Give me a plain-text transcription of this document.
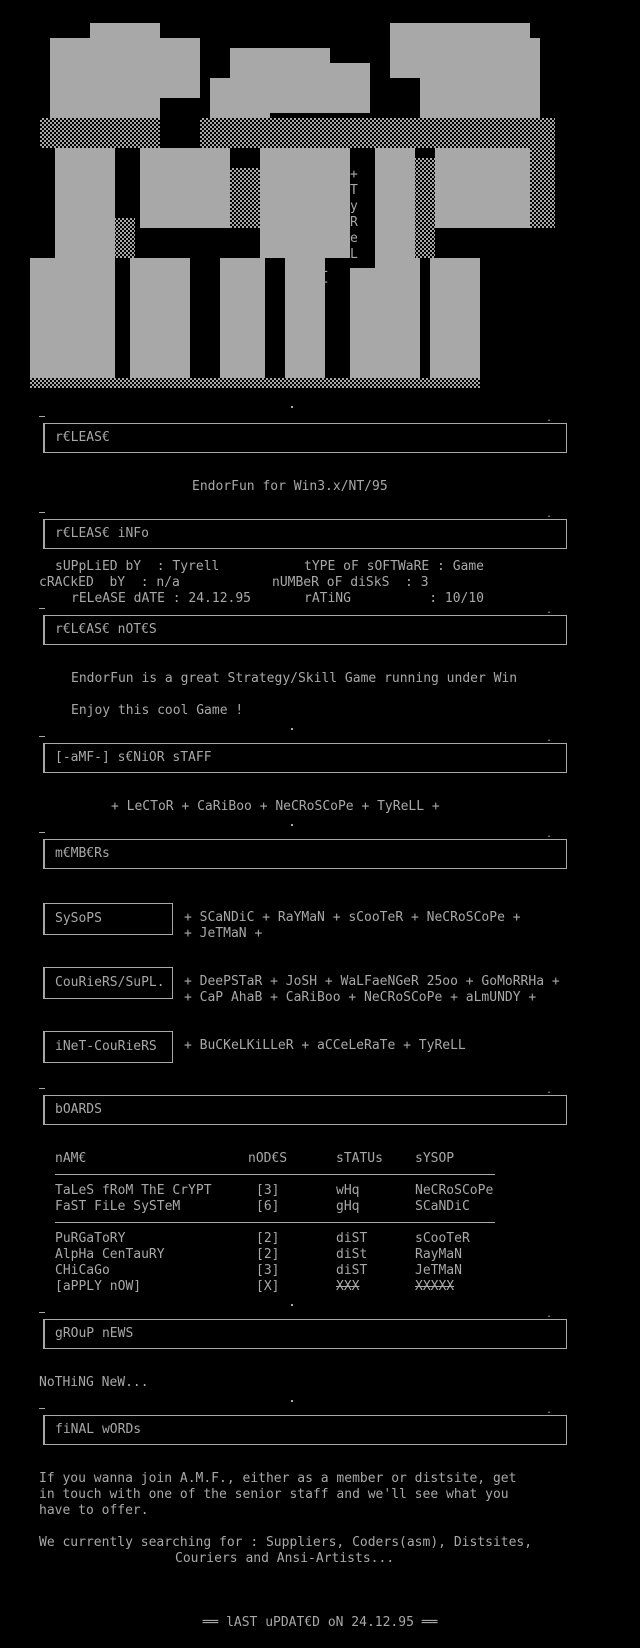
+
T
y
R
e
L
L
+
.
r€LEAS€
EndorFun for Win3.x/NT/95
.
r€LEAS€ iNFo
sUPpLiED bY  : Tyrell	tYPE oF sOFTWaRE : Game
cRACkED  bY  : n/a	nUMBeR oF diSkS  : 3
rELeASE dATE : 24.12.95	rATiNG          : 10/10
.
r€L€AS€ nOT€S
EndorFun is a great Strategy/Skill Game running under Win
Enjoy this cool Game !
.
[-aMF-] s€NiOR sTAFF
+ LeCToR + CaRiBoo + NeCRoSCoPe + TyReLL +
.
m€MB€Rs
SySoPS	+ SCaNDiC + RaYMaN + sCooTeR + NeCRoSCoPe +
+ JeTMaN +
CouRieRS/SuPL. + DeePSTaR + JoSH + WaLFaeNGeR 25oo + GoMoRRHa +
+ CaP AhaB + CaRiBoo + NeCRoSCoPe + aLmUNDY +
iNeT-CouRieRS + BuCKeLKiLLeR + aCCeLeRaTe + TyReLL
.
bOARDS
nAM€	nOD€S	sTATUs sYSOP
TaLeS fRoM ThE CrYPT	[3]	wHq	NeCRoSCoPe
FaST FiLe SySTeM	[6]	gHq	SCaNDiC
PuRGaToRY	[2]	diST	sCooTeR
AlpHa CenTauRY	[2]	diSt	RayMaN
CHiCaGo	[3]	diST	JeTMaN
[aPPLY nOW]	[X]	XXX	XXXXX
.
gROuP nEWS
NoTHiNG NeW...
.
fiNAL wORDs
If you wanna join A.M.F., either as a member or distsite, get
in touch with one of the senior staff and we'll see what you
have to offer.
We currently searching for : Suppliers, Coders(asm), Distsites,
Couriers and Ansi-Artists...
══ lAST uPDAT€D oN 24.12.95 ══
